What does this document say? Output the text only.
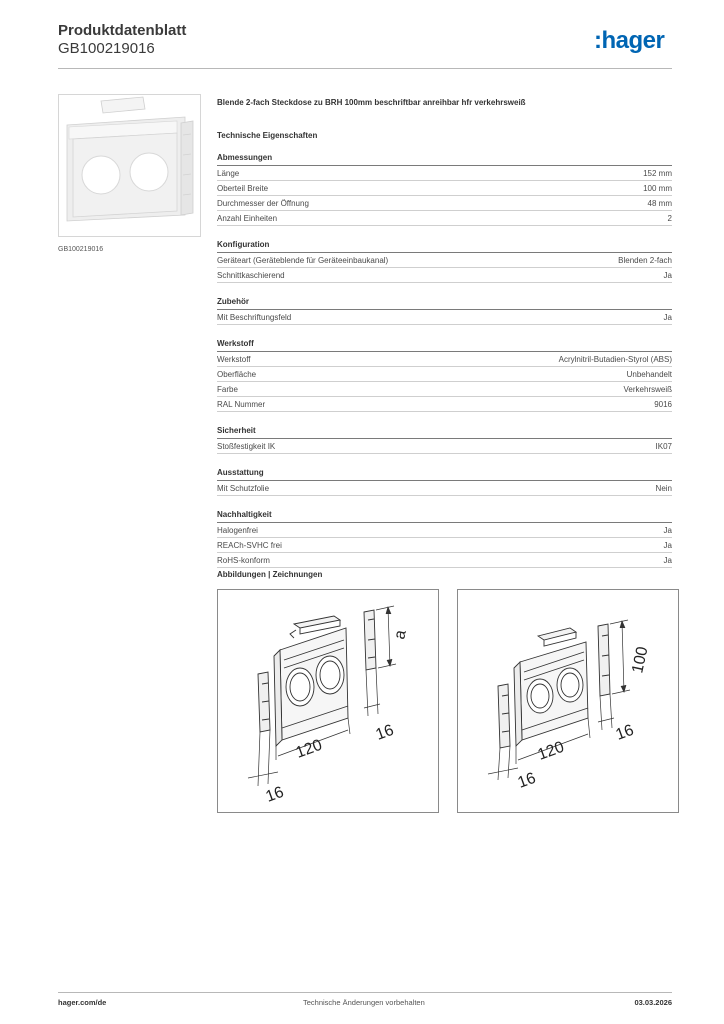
Produktdatenblatt
GB100219016	:hager
GB100219016
Blende 2-fach Steckdose zu BRH 100mm beschriftbar anreihbar hfr verkehrsweiß
Technische Eigenschaften
Abmessungen
Länge	152 mm
Oberteil Breite	100 mm
Durchmesser der Öffnung	48 mm
Anzahl Einheiten	2
Konfiguration
Geräteart (Geräteblende für Geräteeinbaukanal)	Blenden 2-fach
Schnittkaschierend	Ja
Zubehör
Mit Beschriftungsfeld	Ja
Werkstoff
Werkstoff	Acrylnitril-Butadien-Styrol (ABS)
Oberfläche	Unbehandelt
Farbe	Verkehrsweiß
RAL Nummer	9016
Sicherheit
Stoßfestigkeit IK	IK07
Ausstattung
Mit Schutzfolie	Nein
Nachhaltigkeit
Halogenfrei	Ja
REACh-SVHC frei	Ja
RoHS-konform	Ja
Abbildungen | Zeichnungen
a
120
16
16
100
120
16
16
hager.com/de	Technische Änderungen vorbehalten	03.03.2026
